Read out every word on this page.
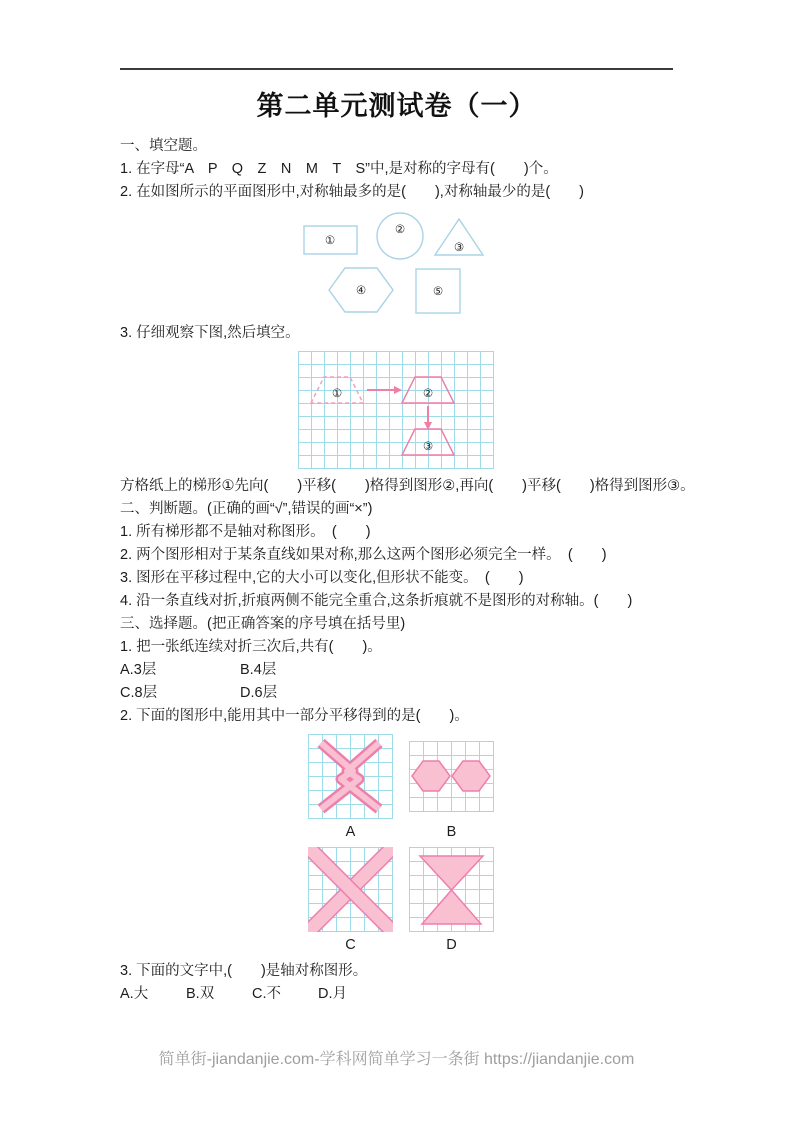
第二单元测试卷（一）
一、填空题。
1. 在字母“A　P　Q　Z　N　M　T　S”中,是对称的字母有(　　)个。
2. 在如图所示的平面图形中,对称轴最多的是(　　),对称轴最少的是(　　)
①
②
③
④	⑤
3. 仔细观察下图,然后填空。
①	②
③
方格纸上的梯形①先向(　　)平移(　　)格得到图形②,再向(　　)平移(　　)格得到图形③。
二、判断题。(正确的画“√”,错误的画“×”)
1. 所有梯形都不是轴对称图形。　(　　)
2. 两个图形相对于某条直线如果对称,那么这两个图形必须完全一样。　(　　)
3. 图形在平移过程中,它的大小可以变化,但形状不能变。　(　　)
4. 沿一条直线对折,折痕两侧不能完全重合,这条折痕就不是图形的对称轴。(　　)
三、选择题。(把正确答案的序号填在括号里)
1. 把一张纸连续对折三次后,共有(　　)。
A.3层	B.4层
C.8层	D.6层
2. 下面的图形中,能用其中一部分平移得到的是(　　)。
A	B
C	D
3. 下面的文字中,(　　)是轴对称图形。
A.大	B.双	C.不	D.月
简单街-jiandanjie.com-学科网简单学习一条街 https://jiandanjie.com
